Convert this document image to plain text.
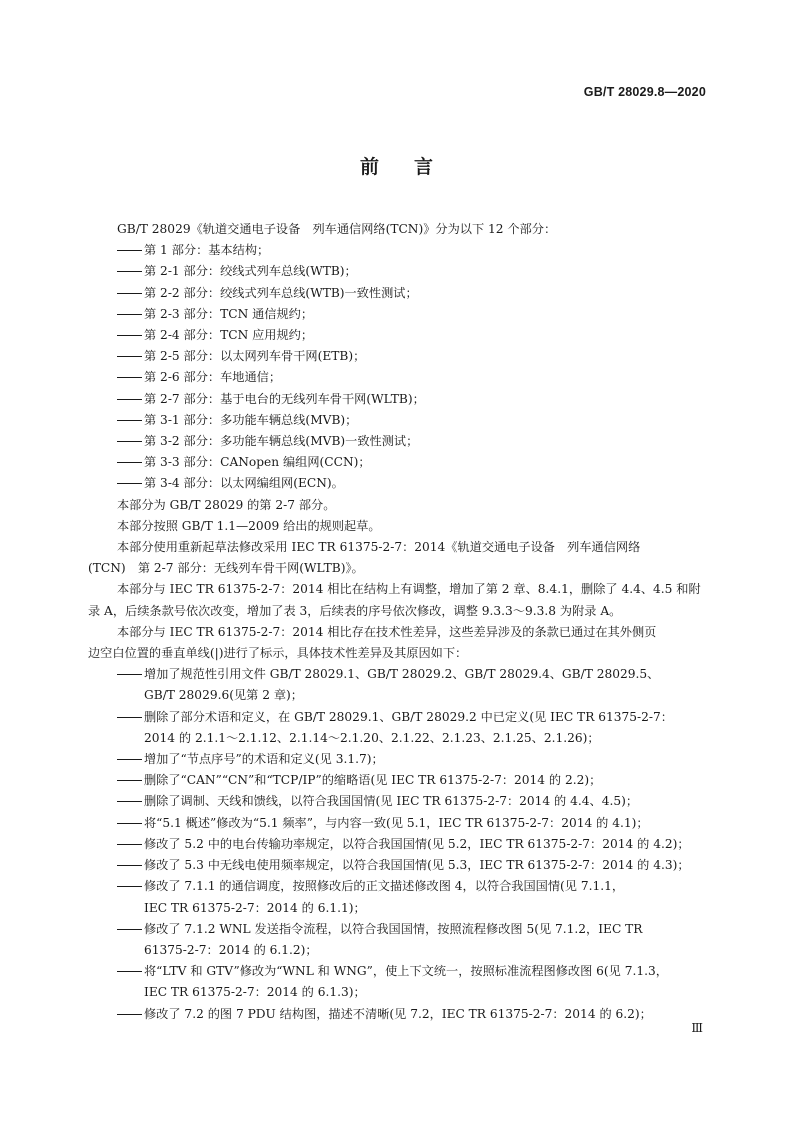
GB/T 28029.8—2020
前 言
GB/T 28029《轨道交通电子设备　列车通信网络(TCN)》分为以下 12 个部分：
第 1 部分：基本结构；
第 2-1 部分：绞线式列车总线(WTB)；
第 2-2 部分：绞线式列车总线(WTB)一致性测试；
第 2-3 部分：TCN 通信规约；
第 2-4 部分：TCN 应用规约；
第 2-5 部分：以太网列车骨干网(ETB)；
第 2-6 部分：车地通信；
第 2-7 部分：基于电台的无线列车骨干网(WLTB)；
第 3-1 部分：多功能车辆总线(MVB)；
第 3-2 部分：多功能车辆总线(MVB)一致性测试；
第 3-3 部分：CANopen 编组网(CCN)；
第 3-4 部分：以太网编组网(ECN)。
本部分为 GB/T 28029 的第 2-7 部分。
本部分按照 GB/T 1.1—2009 给出的规则起草。
本部分使用重新起草法修改采用 IEC TR 61375-2-7：2014《轨道交通电子设备　列车通信网络
(TCN)　第 2-7 部分：无线列车骨干网(WLTB)》。
本部分与 IEC TR 61375-2-7：2014 相比在结构上有调整，增加了第 2 章、8.4.1，删除了 4.4、4.5 和附
录 A，后续条款号依次改变，增加了表 3，后续表的序号依次修改，调整 9.3.3～9.3.8 为附录 A。
本部分与 IEC TR 61375-2-7：2014 相比存在技术性差异，这些差异涉及的条款已通过在其外侧页
边空白位置的垂直单线(|)进行了标示，具体技术性差异及其原因如下：
增加了规范性引用文件 GB/T 28029.1、GB/T 28029.2、GB/T 28029.4、GB/T 28029.5、
GB/T 28029.6(见第 2 章)；
删除了部分术语和定义，在 GB/T 28029.1、GB/T 28029.2 中已定义(见 IEC TR 61375-2-7：
2014 的 2.1.1～2.1.12、2.1.14～2.1.20、2.1.22、2.1.23、2.1.25、2.1.26)；
增加了“节点序号”的术语和定义(见 3.1.7)；
删除了“CAN”“CN”和“TCP/IP”的缩略语(见 IEC TR 61375-2-7：2014 的 2.2)；
删除了调制、天线和馈线，以符合我国国情(见 IEC TR 61375-2-7：2014 的 4.4、4.5)；
将“5.1 概述”修改为“5.1 频率”，与内容一致(见 5.1，IEC TR 61375-2-7：2014 的 4.1)；
修改了 5.2 中的电台传输功率规定，以符合我国国情(见 5.2，IEC TR 61375-2-7：2014 的 4.2)；
修改了 5.3 中无线电使用频率规定，以符合我国国情(见 5.3，IEC TR 61375-2-7：2014 的 4.3)；
修改了 7.1.1 的通信调度，按照修改后的正文描述修改图 4，以符合我国国情(见 7.1.1，
IEC TR 61375-2-7：2014 的 6.1.1)；
修改了 7.1.2 WNL 发送指令流程，以符合我国国情，按照流程修改图 5(见 7.1.2，IEC TR
61375-2-7：2014 的 6.1.2)；
将“LTV 和 GTV”修改为“WNL 和 WNG”，使上下文统一，按照标准流程图修改图 6(见 7.1.3，
IEC TR 61375-2-7：2014 的 6.1.3)；
修改了 7.2 的图 7 PDU 结构图，描述不清晰(见 7.2，IEC TR 61375-2-7：2014 的 6.2)；
Ⅲ
